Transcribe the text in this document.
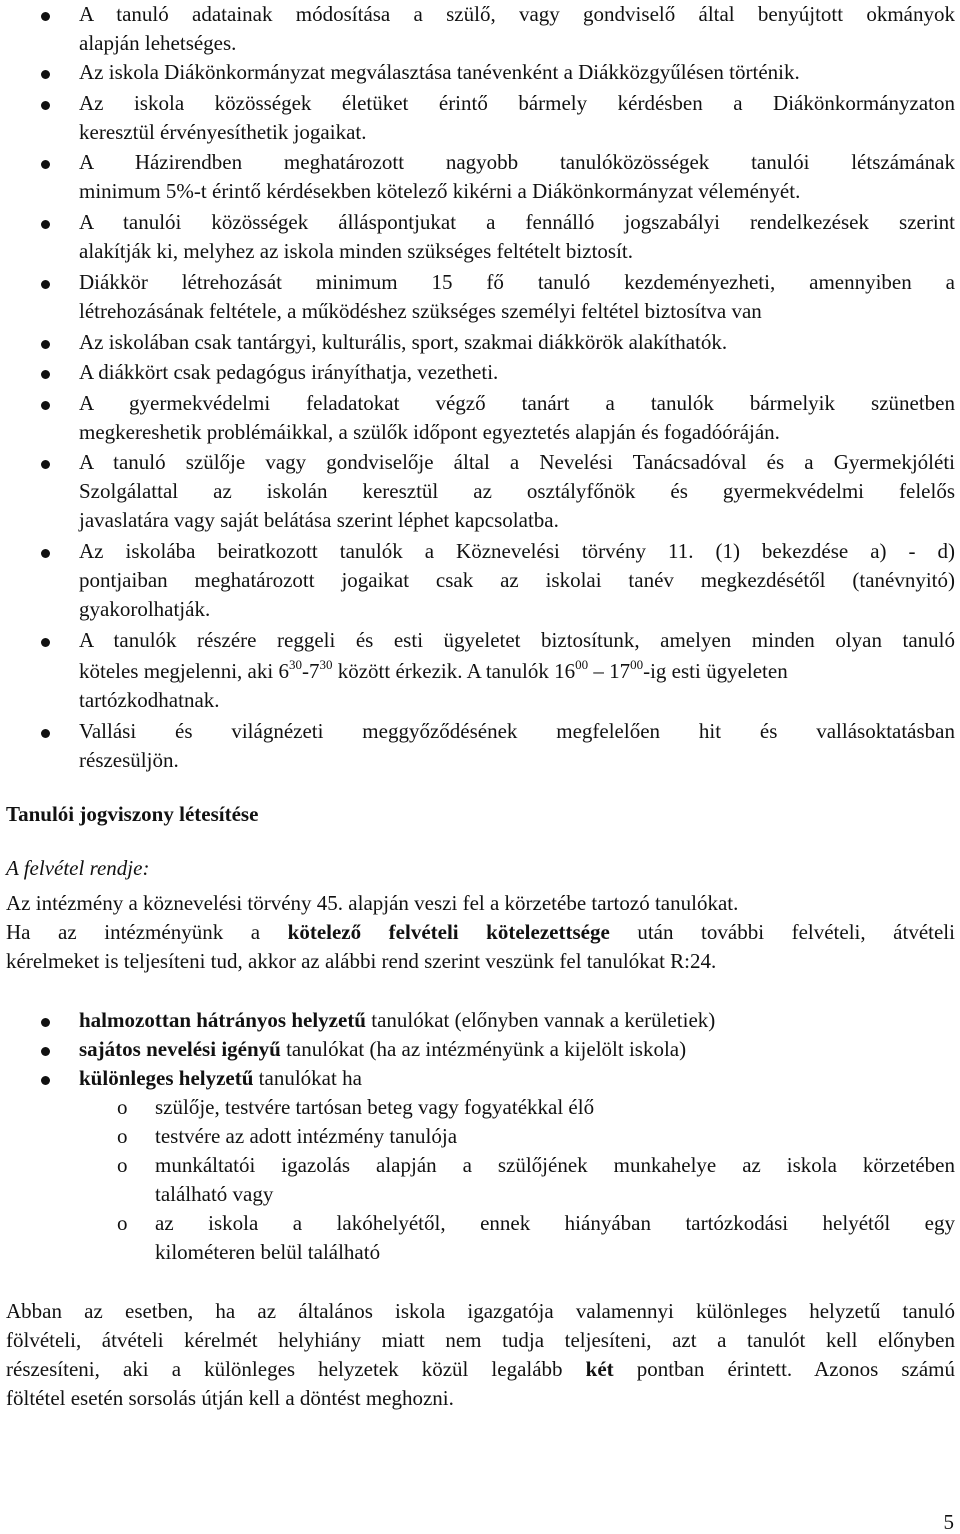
A tanuló adatainak módosítása a szülő, vagy gondviselő által benyújtott okmányok
alapján lehetséges.
Az iskola Diákönkormányzat megválasztása tanévenként a Diákközgyűlésen történik.
Az iskola közösségek életüket érintő bármely kérdésben a Diákönkormányzaton
keresztül érvényesíthetik jogaikat.
A Házirendben meghatározott nagyobb tanulóközösségek tanulói létszámának
minimum 5%-t érintő kérdésekben kötelező kikérni a Diákönkormányzat véleményét.
A tanulói közösségek álláspontjukat a fennálló jogszabályi rendelkezések szerint
alakítják ki, melyhez az iskola minden szükséges feltételt biztosít.
Diákkör létrehozását minimum 15 fő tanuló kezdeményezheti, amennyiben a
létrehozásának feltétele, a működéshez szükséges személyi feltétel biztosítva van
Az iskolában csak tantárgyi, kulturális, sport, szakmai diákkörök alakíthatók.
A diákkört csak pedagógus irányíthatja, vezetheti.
A gyermekvédelmi feladatokat végző tanárt a tanulók bármelyik szünetben
megkereshetik problémáikkal, a szülők időpont egyeztetés alapján és fogadóóráján.
A tanuló szülője vagy gondviselője által a Nevelési Tanácsadóval és a Gyermekjóléti
Szolgálattal az iskolán keresztül az osztályfőnök és gyermekvédelmi felelős
javaslatára vagy saját belátása szerint léphet kapcsolatba.
Az iskolába beiratkozott tanulók a Köznevelési törvény 11. (1) bekezdése a) - d)
pontjaiban meghatározott jogaikat csak az iskolai tanév megkezdésétől (tanévnyitó)
gyakorolhatják.
A tanulók részére reggeli és esti ügyeletet biztosítunk, amelyen minden olyan tanuló
köteles megjelenni, aki $6^{30}-7^{30}$ között érkezik. A tanulók $16^{00} - 17^{00}-ig$ esti ügyeleten
tartózkodhatnak.
Vallási és világnézeti meggyőződésének megfelelően hit és vallásoktatásban
részesüljön.
Tanulói jogviszony létesítése
A felvétel rendje:
Az intézmény a köznevelési törvény 45. alapján veszi fel a körzetébe tartozó tanulókat.
Ha az intézményünk a kötelező felvételi kötelezettsége után további felvételi, átvételi
kérelmeket is teljesíteni tud, akkor az alábbi rend szerint veszünk fel tanulókat R:24.
halmozottan hátrányos helyzetű tanulókat (előnyben vannak a kerületiek)
sajátos nevelési igényű tanulókat (ha az intézményünk a kijelölt iskola)
különleges helyzetű tanulókat ha
o szülője, testvére tartósan beteg vagy fogyatékkal élő
o testvére az adott intézmény tanulója
o munkáltatói igazolás alapján a szülőjének munkahelye az iskola körzetében
található vagy
o az iskola a lakóhelyétől, ennek hiányában tartózkodási helyétől egy
kilométeren belül található
Abban az esetben, ha az általános iskola igazgatója valamennyi különleges helyzetű tanuló
fölvételi, átvételi kérelmét helyhiány miatt nem tudja teljesíteni, azt a tanulót kell előnyben
részesíteni, aki a különleges helyzetek közül legalább két pontban érintett. Azonos számú
föltétel esetén sorsolás útján kell a döntést meghozni.
5
